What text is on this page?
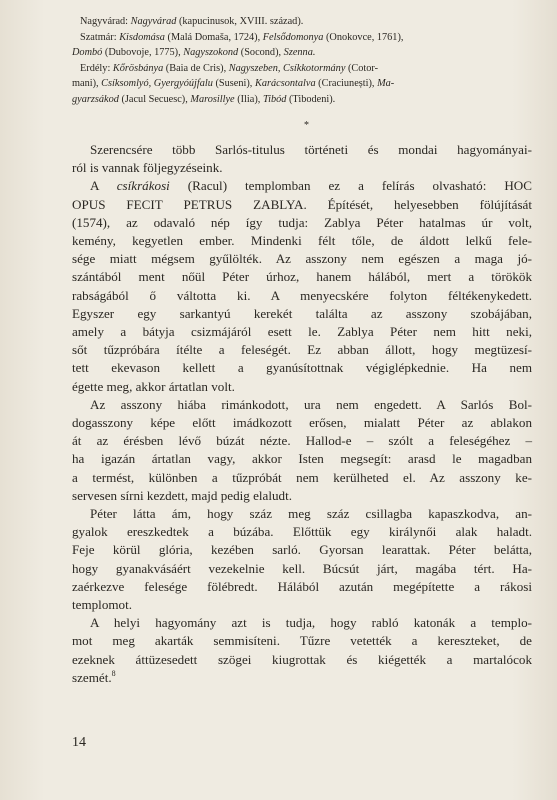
Nagyvárad: Nagyvárad (kapucinusok, XVIII. század).

Szatmár: Kisdomása (Malá Domaša, 1724), Felsődomonya (Onokovce, 1761),

Dombó (Dubovoje, 1775), Nagyszokond (Socond), Szenna.

Erdély: Kőrösbánya (Baia de Cris), Nagyszeben, Csíkkotormány (Cotor-

mani), Csíksomlyó, Gyergyóújfalu (Suseni), Karácsontalva (Craciunești), Ma-

gyarzsákod (Jacul Secuesc), Marosillye (Ilia), Tibód (Tibodeni).

*
Szerencsére több Sarlós-titulus történeti és mondai hagyományai-
ról is vannak följegyzéseink.
A csíkrákosi (Racul) templomban ez a felírás olvasható: HOC
OPUS FECIT PETRUS ZABLYA. Építését, helyesebben fölújítását
(1574), az odavaló nép így tudja: Zablya Péter hatalmas úr volt,
kemény, kegyetlen ember. Mindenki félt tőle, de áldott lelkű fele-
sége miatt mégsem gyűlölték. Az asszony nem egészen a maga jó-
szántából ment nőül Péter úrhoz, hanem hálából, mert a törökök
rabságából ő váltotta ki. A menyecskére folyton féltékenykedett.
Egyszer egy sarkantyú kerekét találta az asszony szobájában,
amely a bátyja csizmájáról esett le. Zablya Péter nem hitt neki,
sőt tűzpróbára ítélte a feleségét. Ez abban állott, hogy megtüzesí-
tett ekevason kellett a gyanúsítottnak végiglépkednie. Ha nem
égette meg, akkor ártatlan volt.
Az asszony hiába rimánkodott, ura nem engedett. A Sarlós Bol-
dogasszony képe előtt imádkozott erősen, mialatt Péter az ablakon
át az érésben lévő búzát nézte. Hallod-e – szólt a feleségéhez –
ha igazán ártatlan vagy, akkor Isten megsegít: arasd le magadban
a termést, különben a tűzpróbát nem kerülheted el. Az asszony ke-
servesen sírni kezdett, majd pedig elaludt.
Péter látta ám, hogy száz meg száz csillagba kapaszkodva, an-
gyalok ereszkedtek a búzába. Előttük egy királynői alak haladt.
Feje körül glória, kezében sarló. Gyorsan learattak. Péter belátta,
hogy gyanakvásáért vezekelnie kell. Búcsút járt, magába tért. Ha-
zaérkezve felesége fölébredt. Hálából azután megépítette a rákosi
templomot.
A helyi hagyomány azt is tudja, hogy rabló katonák a templo-
mot meg akarták semmisíteni. Tűzre vetették a kereszteket, de
ezeknek áttüzesedett szögei kiugrottak és kiégették a martalócok
szemét.$^8$
14
